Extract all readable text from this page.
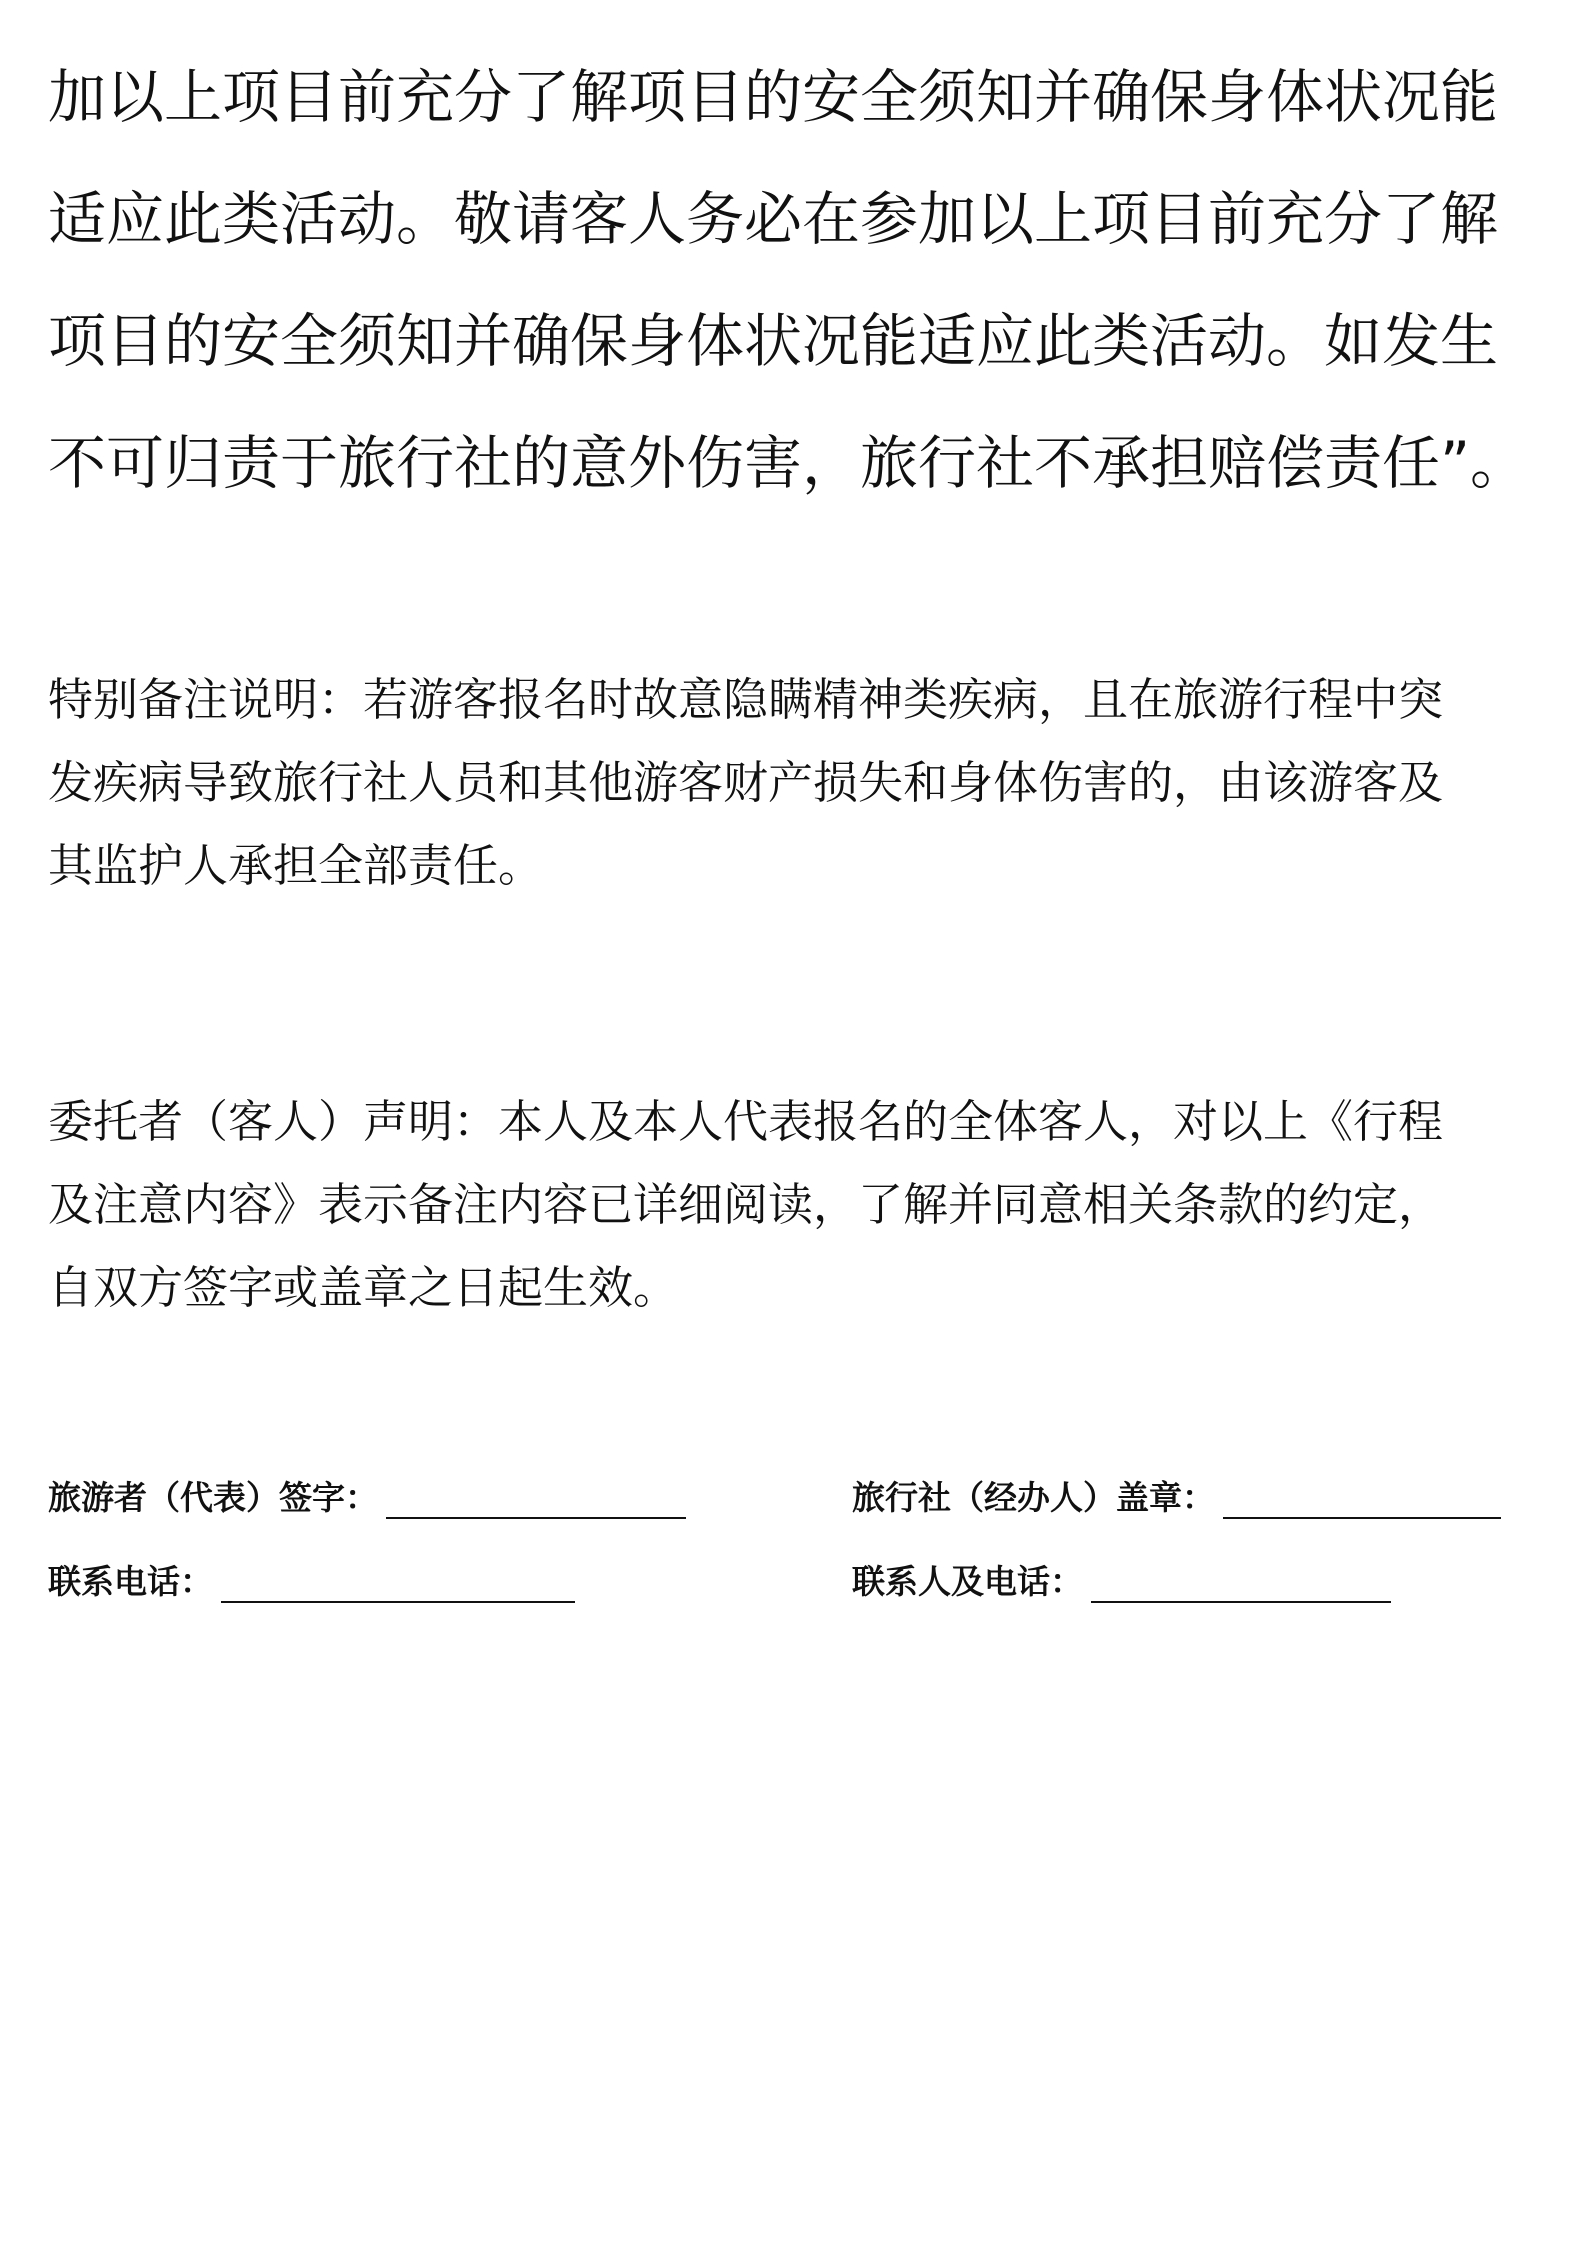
加以上项目前充分了解项目的安全须知并确保身体状况能
适应此类活动。敬请客人务必在参加以上项目前充分了解
项目的安全须知并确保身体状况能适应此类活动。如发生
不可归责于旅行社的意外伤害，旅行社不承担赔偿责任”。
特别备注说明：若游客报名时故意隐瞒精神类疾病，且在旅游行程中突
发疾病导致旅行社人员和其他游客财产损失和身体伤害的，由该游客及
其监护人承担全部责任。
委托者（客人）声明：本人及本人代表报名的全体客人，对以上《行程
及注意内容》表示备注内容已详细阅读，了解并同意相关条款的约定，
自双方签字或盖章之日起生效。
旅游者（代表）签字：	旅行社（经办人）盖章：
联系电话：	联系人及电话：
